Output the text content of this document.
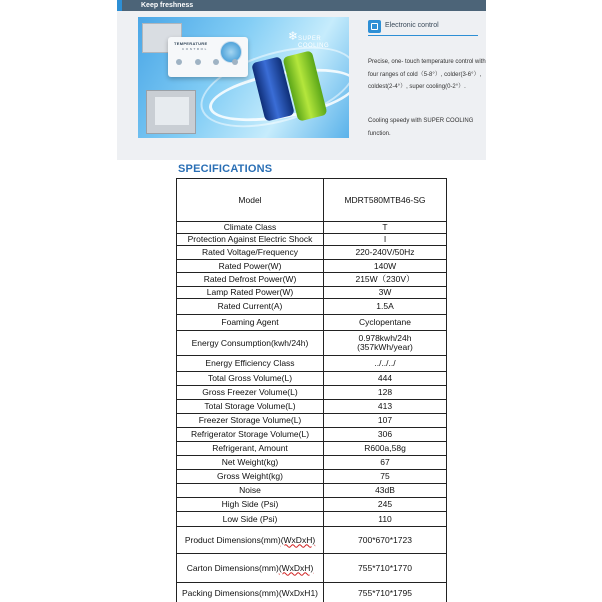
Keep freshness
TEMPERATURE
CONTROL
❄ SUPER
COOLING
Electronic control

Precise, one- touch temperature control with four ranges of cold（5-8°）, colder(3-6°）, coldest(2-4°）, super cooling(0-2°）.

Cooling speedy with SUPER COOLING function.

SPECIFICATIONS
Model	MDRT580MTB46-SG
Climate Class	T
Protection Against Electric Shock	I
Rated Voltage/Frequency	220-240V/50Hz
Rated Power(W)	140W
Rated Defrost Power(W)	215W（230V）
Lamp Rated Power(W)	3W
Rated Current(A)	1.5A
Foaming Agent	Cyclopentane
Energy Consumption(kwh/24h)	0.978kwh/24h
(357kWh/year)
Energy Efficiency Class	../../../
Total Gross Volume(L)	444
Gross Freezer Volume(L)	128
Total Storage Volume(L)	413
Freezer Storage Volume(L)	107
Refrigerator Storage Volume(L)	306
Refrigerant, Amount	R600a,58g
Net Weight(kg)	67
Gross Weight(kg)	75
Noise	43dB
High Side (Psi)	245
Low Side (Psi)	110
Product Dimensions(mm)(WxDxH)	700*670*1723
Carton Dimensions(mm)(WxDxH)	755*710*1770
Packing Dimensions(mm)(WxDxH1)	755*710*1795
